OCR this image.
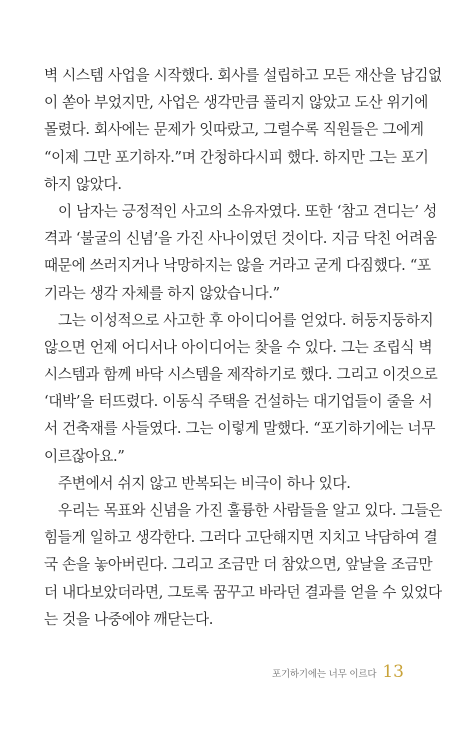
벽 시스템 사업을 시작했다. 회사를 설립하고 모든 재산을 남김없
이 쏟아 부었지만, 사업은 생각만큼 풀리지 않았고 도산 위기에
몰렸다. 회사에는 문제가 잇따랐고, 그럴수록 직원들은 그에게
“이제 그만 포기하자.”며 간청하다시피 했다. 하지만 그는 포기
하지 않았다.
이 남자는 긍정적인 사고의 소유자였다. 또한 ‘참고 견디는’ 성
격과 ‘불굴의 신념’을 가진 사나이였던 것이다. 지금 닥친 어려움
때문에 쓰러지거나 낙망하지는 않을 거라고 굳게 다짐했다. “포
기라는 생각 자체를 하지 않았습니다.”
그는 이성적으로 사고한 후 아이디어를 얻었다. 허둥지둥하지
않으면 언제 어디서나 아이디어는 찾을 수 있다. 그는 조립식 벽
시스템과 함께 바닥 시스템을 제작하기로 했다. 그리고 이것으로
‘대박’을 터뜨렸다. 이동식 주택을 건설하는 대기업들이 줄을 서
서 건축재를 사들였다. 그는 이렇게 말했다. “포기하기에는 너무
이르잖아요.”
주변에서 쉬지 않고 반복되는 비극이 하나 있다.
우리는 목표와 신념을 가진 훌륭한 사람들을 알고 있다. 그들은
힘들게 일하고 생각한다. 그러다 고단해지면 지치고 낙담하여 결
국 손을 놓아버린다. 그리고 조금만 더 참았으면, 앞날을 조금만
더 내다보았더라면, 그토록 꿈꾸고 바라던 결과를 얻을 수 있었다
는 것을 나중에야 깨닫는다.
포기하기에는 너무 이르다 13
